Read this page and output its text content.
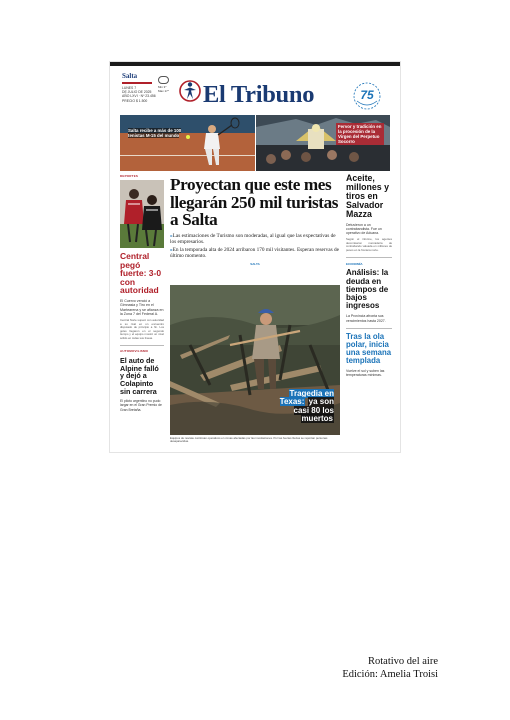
Salta
LUNES 7
DE JULIO DE 2025
AÑO LXVI · Nº 23.456
PRECIO $ 1.500
Min 3°
Max 17°	El Tribuno	75
Salta recibe a más de 100 tenistas M-15 del mundo
Fervor y tradición en la procesión de la Virgen del Perpetuo Socorro
DEPORTES
Central pegó fuerte: 3-0 con autoridad
El Cuervo venció a Gimnasia y Tiro en el Martearena y se afianza en la Zona 7 del Federal A.
Central Norte superó con autoridad a su rival en un encuentro disputado de principio a fin. Los goles llegaron en el segundo tiempo y el equipo mostró un nivel sólido en todas sus líneas.
AUTOMOVILISMO
El auto de Alpine falló y dejó a Colapinto sin carrera
El piloto argentino no pudo largar en el Gran Premio de Gran Bretaña.
Proyectan que este mes llegarán 250 mil turistas a Salta

»Las estimaciones de Turismo son moderadas, al igual que las expectativas de los empresarios.

»En la temporada alta de 2024 arribaron 170 mil visitantes. Esperan reservas de último momento.

SALTA
Tragedia en Texas: ya son casi 80 los muertos
Equipos de rescate continúan operativos en zonas afectadas por las inundaciones. Por las fuertes lluvias se reportan personas desaparecidas.
Aceite, millones y tiros en Salvador Mazza
Detuvieron a un contrabandista. Fue un operativo de Aduana.
Según el informe, los agentes decomisaron mercadería de contrabando valuada en millones de pesos en la frontera norte.
ECONOMÍA
Análisis: la deuda en tiempos de bajos ingresos
La Provincia afronta sus vencimientos hasta 2027.
Tras la ola polar, inicia una semana templada
Vuelve el sol y suben las temperaturas mínimas.
Rotativo del aire
Edición: Amelia Troisi
